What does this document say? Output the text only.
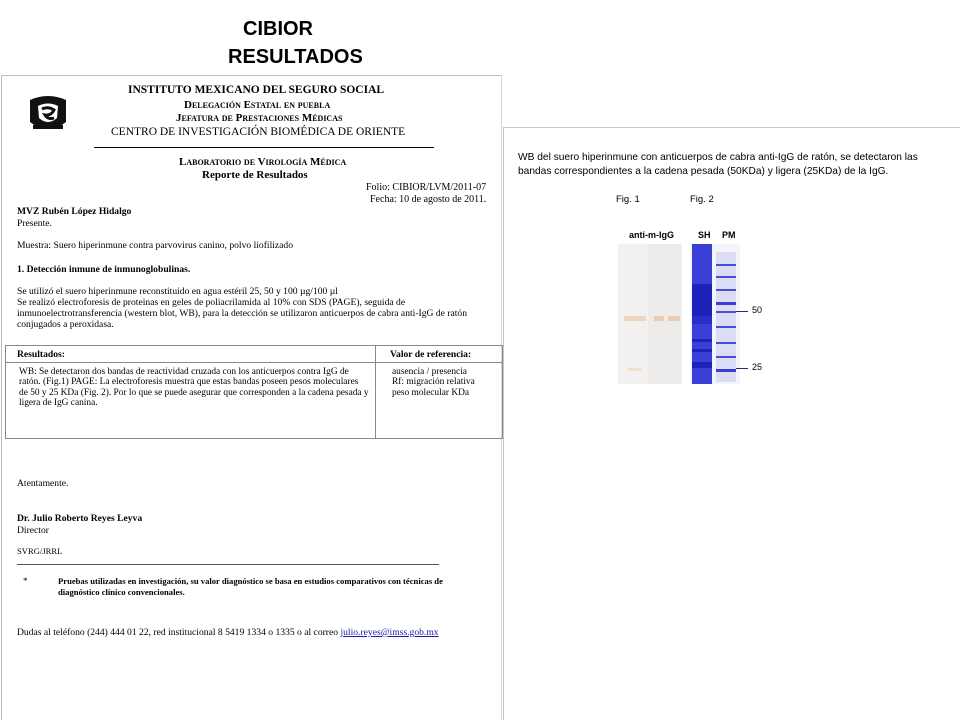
CIBIOR
RESULTADOS
INSTITUTO MEXICANO DEL SEGURO SOCIAL
Delegación Estatal en puebla
Jefatura de Prestaciones Médicas
CENTRO DE INVESTIGACIÓN BIOMÉDICA DE ORIENTE
Laboratorio de Virología Médica
Reporte de Resultados
Folio: CIBIOR/LVM/2011-07
Fecha: 10 de agosto de 2011.
MVZ Rubén López Hidalgo
Presente.
Muestra: Suero hiperinmune contra parvovirus canino, polvo liofilizado
1. Detección inmune de inmunoglobulinas.
Se utilizó el suero hiperinmune reconstituido en agua estéril 25, 50 y 100 µg/100 µl
Se realizó electroforesis de proteinas en geles de poliacrilamida al 10% con SDS (PAGE), seguida de inmunoelectrotransferencia (western blot, WB), para la detección se utilizaron anticuerpos de cabra anti-IgG de ratón conjugados a peroxidasa.
Resultados:	Valor de referencia:
WB: Se detectaron dos bandas de reactividad cruzada con los anticuerpos contra IgG de ratón. (Fig.1) PAGE: La electroforesis muestra que estas bandas poseen pesos moleculares de 50 y 25 KDa (Fig. 2). Por lo que se puede asegurar que corresponden a la cadena pesada y ligera de IgG canina.
ausencia / presencia
Rf: migración relativa
peso molecular KDa
Atentamente.
Dr. Julio Roberto Reyes Leyva
Director
SVRG/JRRL
*	Pruebas utilizadas en investigación, su valor diagnóstico se basa en estudios comparativos con técnicas de diagnóstico clínico convencionales.
Dudas al teléfono (244) 444 01 22, red institucional 8 5419 1334 o 1335 o al correo julio.reyes@imss.gob.mx
WB del suero hiperinmune con anticuerpos de cabra anti-IgG de ratón, se detectaron las bandas correspondientes a la cadena pesada (50KDa) y ligera (25KDa) de la IgG.
Fig. 1	Fig. 2
anti-m-IgG	SH PM
50
25
